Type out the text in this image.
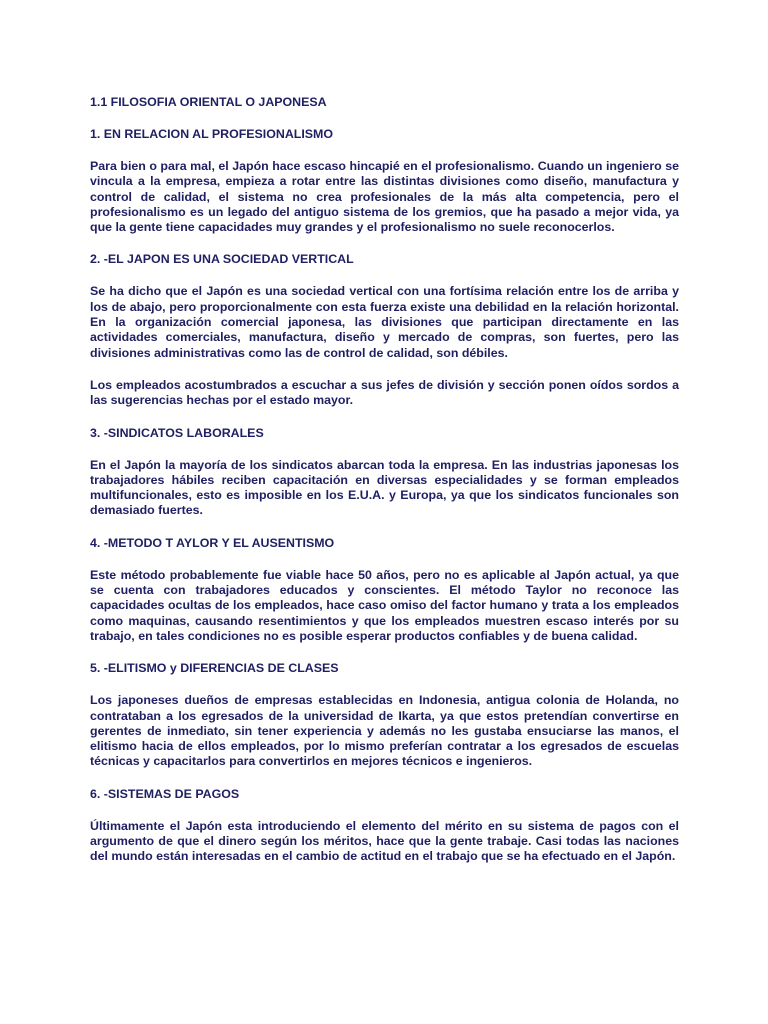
1.1 FILOSOFIA ORIENTAL O JAPONESA
1. EN RELACION AL PROFESIONALISMO
Para bien o para mal, el Japón hace escaso hincapié en el profesionalismo. Cuando un ingeniero se vincula a la empresa, empieza a rotar entre las distintas divisiones como diseño, manufactura y control de calidad, el sistema no crea profesionales de la más alta competencia, pero el profesionalismo es un legado del antiguo sistema de los gremios, que ha pasado a mejor vida, ya que la gente tiene capacidades muy grandes y el profesionalismo no suele reconocerlos.
2. -EL JAPON ES UNA SOCIEDAD VERTICAL
Se ha dicho que el Japón es una sociedad vertical con una fortísima relación entre los de arriba y los de abajo, pero proporcionalmente con esta fuerza existe una debilidad en la relación horizontal. En la organización comercial japonesa, las divisiones que participan directamente en las actividades comerciales, manufactura, diseño y mercado de compras, son fuertes, pero las divisiones administrativas como las de control de calidad, son débiles.
Los empleados acostumbrados a escuchar a sus jefes de división y sección ponen oídos sordos a las sugerencias hechas por el estado mayor.
3. -SINDICATOS LABORALES
En el Japón la mayoría de los sindicatos abarcan toda la empresa. En las industrias japonesas los trabajadores hábiles reciben capacitación en diversas especialidades y se forman empleados multifuncionales, esto es imposible en los E.U.A. y Europa, ya que los sindicatos funcionales son demasiado fuertes.
4. -METODO T AYLOR Y EL AUSENTISMO
Este método probablemente fue viable hace 50 años, pero no es aplicable al Japón actual, ya que se cuenta con trabajadores educados y conscientes. El método Taylor no reconoce las capacidades ocultas de los empleados, hace caso omiso del factor humano y trata a los empleados como maquinas, causando resentimientos y que los empleados muestren escaso interés por su trabajo, en tales condiciones no es posible esperar productos confiables y de buena calidad.
5. -ELITISMO y DIFERENCIAS DE CLASES
Los japoneses dueños de empresas establecidas en Indonesia, antigua colonia de Holanda, no contrataban a los egresados de la universidad de Ikarta, ya que estos pretendían convertirse en gerentes de inmediato, sin tener experiencia y además no les gustaba ensuciarse las manos, el elitismo hacia de ellos empleados, por lo mismo preferían contratar a los egresados de escuelas técnicas y capacitarlos para convertirlos en mejores técnicos e ingenieros.
6. -SISTEMAS DE PAGOS
Últimamente el Japón esta introduciendo el elemento del mérito en su sistema de pagos con el argumento de que el dinero según los méritos, hace que la gente trabaje. Casi todas las naciones del mundo están interesadas en el cambio de actitud en el trabajo que se ha efectuado en el Japón.
